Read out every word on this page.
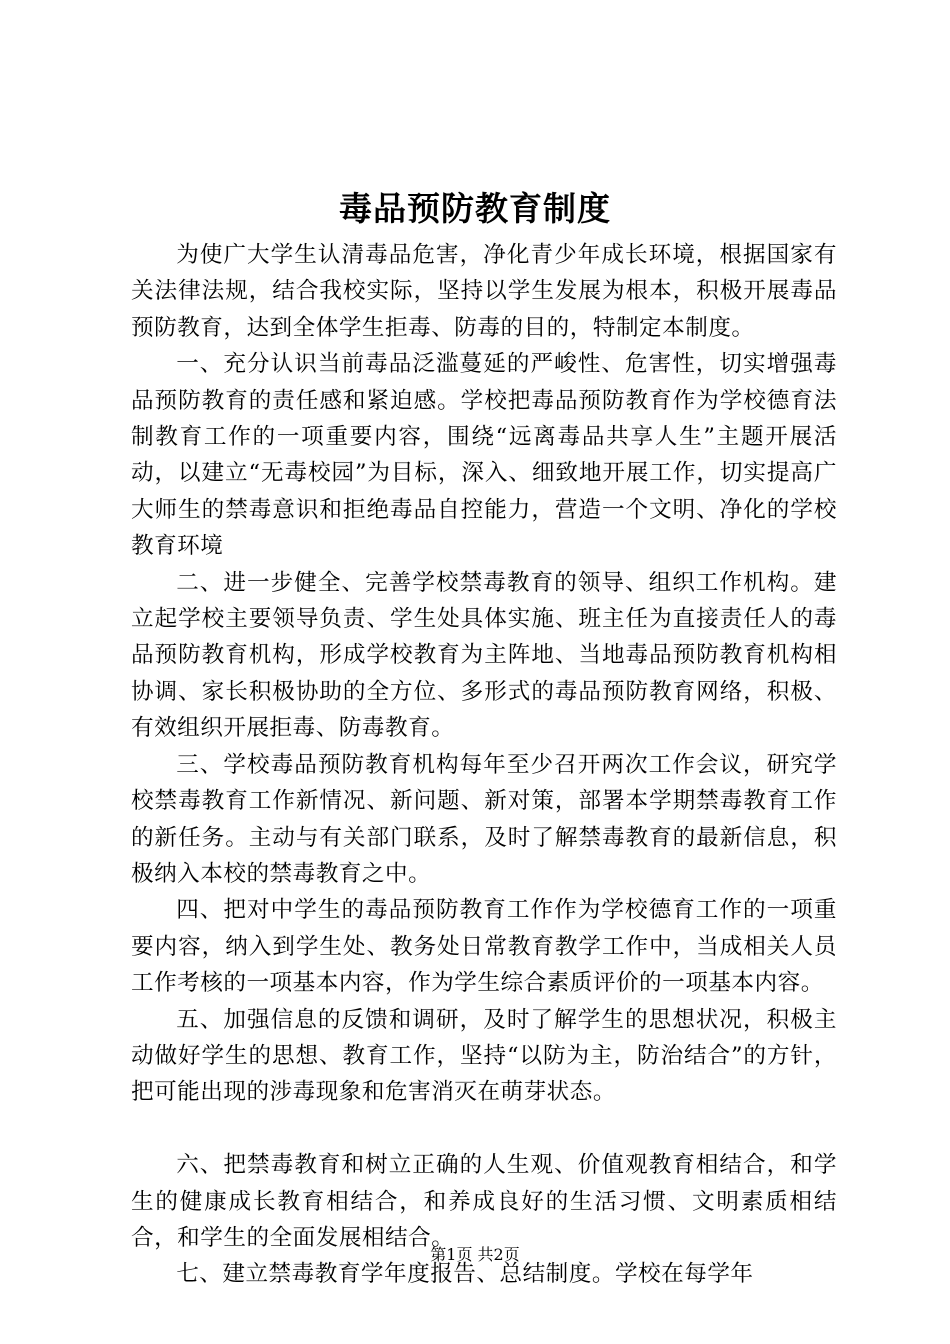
毒品预防教育制度

为使广大学生认清毒品危害，净化青少年成长环境，根据国家有关法律法规，结合我校实际，坚持以学生发展为根本，积极开展毒品预防教育，达到全体学生拒毒、防毒的目的，特制定本制度。

一、充分认识当前毒品泛滥蔓延的严峻性、危害性，切实增强毒品预防教育的责任感和紧迫感。学校把毒品预防教育作为学校德育法制教育工作的一项重要内容，围绕“远离毒品共享人生”主题开展活动，以建立“无毒校园”为目标，深入、细致地开展工作，切实提高广大师生的禁毒意识和拒绝毒品自控能力，营造一个文明、净化的学校教育环境

二、进一步健全、完善学校禁毒教育的领导、组织工作机构。建立起学校主要领导负责、学生处具体实施、班主任为直接责任人的毒品预防教育机构，形成学校教育为主阵地、当地毒品预防教育机构相协调、家长积极协助的全方位、多形式的毒品预防教育网络，积极、有效组织开展拒毒、防毒教育。

三、学校毒品预防教育机构每年至少召开两次工作会议，研究学校禁毒教育工作新情况、新问题、新对策，部署本学期禁毒教育工作的新任务。主动与有关部门联系，及时了解禁毒教育的最新信息，积极纳入本校的禁毒教育之中。

四、把对中学生的毒品预防教育工作作为学校德育工作的一项重要内容，纳入到学生处、教务处日常教育教学工作中，当成相关人员工作考核的一项基本内容，作为学生综合素质评价的一项基本内容。

五、加强信息的反馈和调研，及时了解学生的思想状况，积极主动做好学生的思想、教育工作，坚持“以防为主，防治结合”的方针，把可能出现的涉毒现象和危害消灭在萌芽状态。

六、把禁毒教育和树立正确的人生观、价值观教育相结合，和学生的健康成长教育相结合，和养成良好的生活习惯、文明素质相结合，和学生的全面发展相结合。

七、建立禁毒教育学年度报告、总结制度。学校在每学年

第1页 共2页
